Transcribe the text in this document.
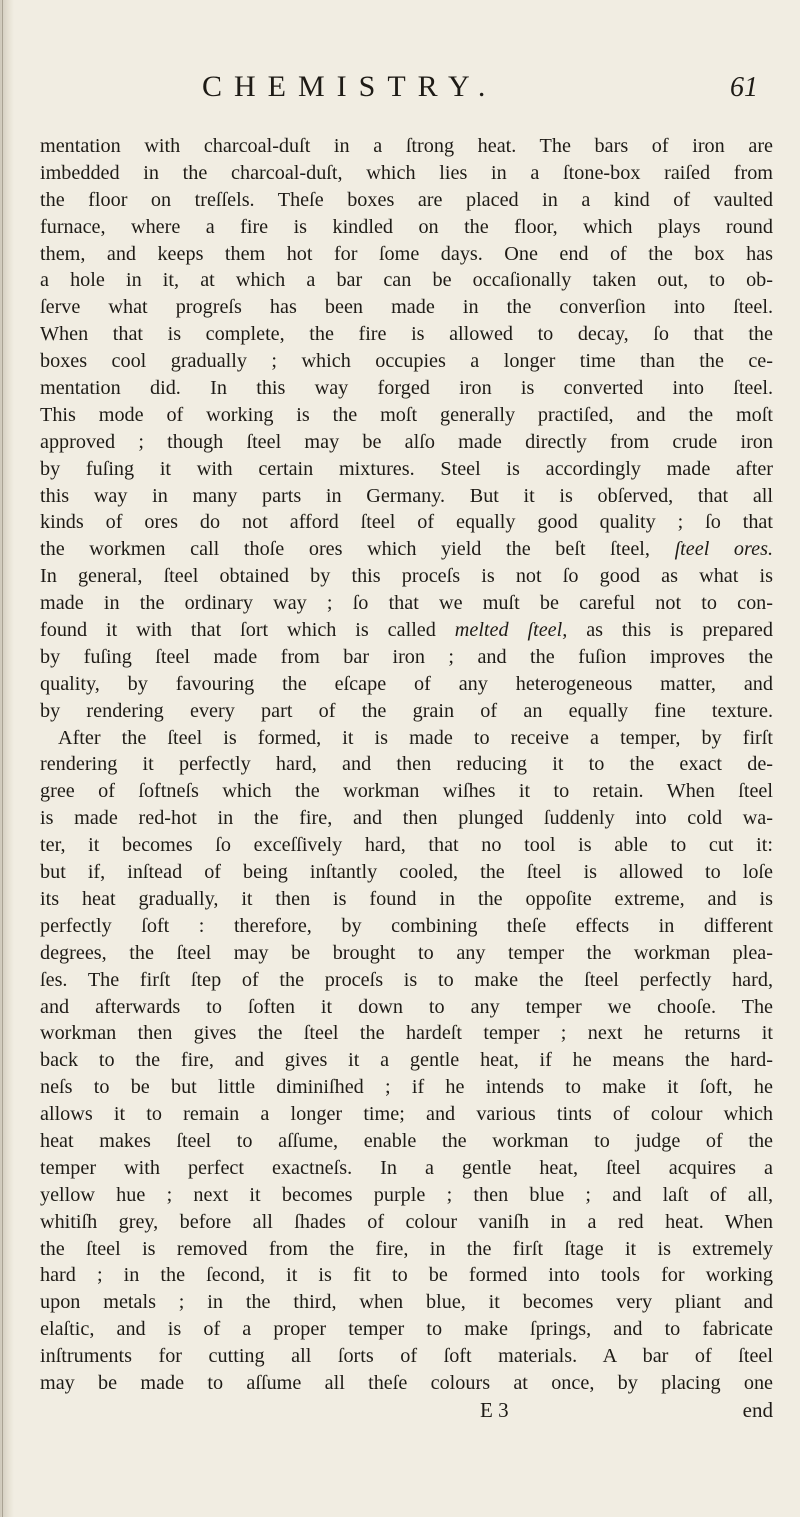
CHEMISTRY.	61
mentation with charcoal-duſt in a ſtrong heat. The bars of iron are
imbedded in the charcoal-duſt, which lies in a ſtone-box raiſed from
the floor on treſſels. Theſe boxes are placed in a kind of vaulted
furnace, where a fire is kindled on the floor, which plays round
them, and keeps them hot for ſome days. One end of the box has
a hole in it, at which a bar can be occaſionally taken out, to ob-
ſerve what progreſs has been made in the converſion into ſteel.
When that is complete, the fire is allowed to decay, ſo that the
boxes cool gradually ; which occupies a longer time than the ce-
mentation did. In this way forged iron is converted into ſteel.
This mode of working is the moſt generally practiſed, and the moſt
approved ; though ſteel may be alſo made directly from crude iron
by fuſing it with certain mixtures. Steel is accordingly made after
this way in many parts in Germany. But it is obſerved, that all
kinds of ores do not afford ſteel of equally good quality ; ſo that
the workmen call thoſe ores which yield the beſt ſteel, ſteel ores.
In general, ſteel obtained by this proceſs is not ſo good as what is
made in the ordinary way ; ſo that we muſt be careful not to con-
found it with that ſort which is called melted ſteel, as this is prepared
by fuſing ſteel made from bar iron ; and the fuſion improves the
quality, by favouring the eſcape of any heterogeneous matter, and
by rendering every part of the grain of an equally fine texture.
After the ſteel is formed, it is made to receive a temper, by firſt
rendering it perfectly hard, and then reducing it to the exact de-
gree of ſoftneſs which the workman wiſhes it to retain. When ſteel
is made red-hot in the fire, and then plunged ſuddenly into cold wa-
ter, it becomes ſo exceſſively hard, that no tool is able to cut it:
but if, inſtead of being inſtantly cooled, the ſteel is allowed to loſe
its heat gradually, it then is found in the oppoſite extreme, and is
perfectly ſoft : therefore, by combining theſe effects in different
degrees, the ſteel may be brought to any temper the workman plea-
ſes. The firſt ſtep of the proceſs is to make the ſteel perfectly hard,
and afterwards to ſoften it down to any temper we chooſe. The
workman then gives the ſteel the hardeſt temper ; next he returns it
back to the fire, and gives it a gentle heat, if he means the hard-
neſs to be but little diminiſhed ; if he intends to make it ſoft, he
allows it to remain a longer time; and various tints of colour which
heat makes ſteel to aſſume, enable the workman to judge of the
temper with perfect exactneſs. In a gentle heat, ſteel acquires a
yellow hue ; next it becomes purple ; then blue ; and laſt of all,
whitiſh grey, before all ſhades of colour vaniſh in a red heat. When
the ſteel is removed from the fire, in the firſt ſtage it is extremely
hard ; in the ſecond, it is fit to be formed into tools for working
upon metals ; in the third, when blue, it becomes very pliant and
elaſtic, and is of a proper temper to make ſprings, and to fabricate
inſtruments for cutting all ſorts of ſoft materials. A bar of ſteel
may be made to aſſume all theſe colours at once, by placing one
E 3	end
